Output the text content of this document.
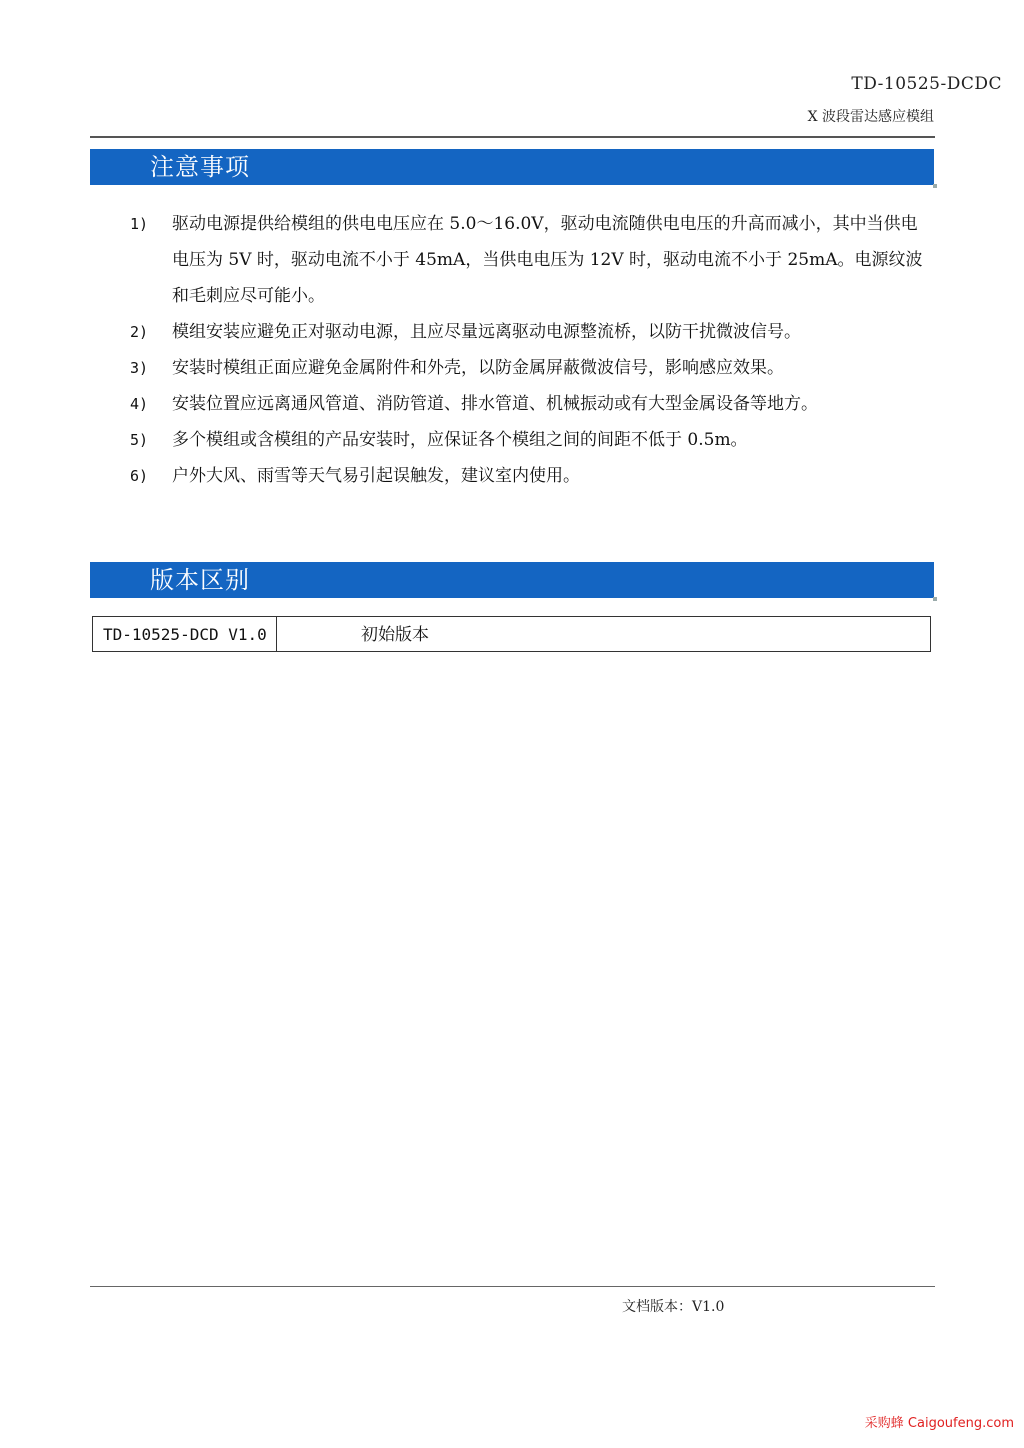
TD-10525-DCDC
X 波段雷达感应模组
注意事项
1)	驱动电源提供给模组的供电电压应在 5.0～16.0V，驱动电流随供电电压的升高而减小，其中当供电电压为 5V 时，驱动电流不小于 45mA，当供电电压为 12V 时，驱动电流不小于 25mA。电源纹波和毛刺应尽可能小。
2)	模组安装应避免正对驱动电源，且应尽量远离驱动电源整流桥，以防干扰微波信号。
3)	安装时模组正面应避免金属附件和外壳，以防金属屏蔽微波信号，影响感应效果。
4)	安装位置应远离通风管道、消防管道、排水管道、机械振动或有大型金属设备等地方。
5)	多个模组或含模组的产品安装时，应保证各个模组之间的间距不低于 0.5m。
6)	户外大风、雨雪等天气易引起误触发，建议室内使用。
版本区别
TD-10525-DCD V1.0	初始版本
文档版本：V1.0
采购蜂 Caigoufeng.com
